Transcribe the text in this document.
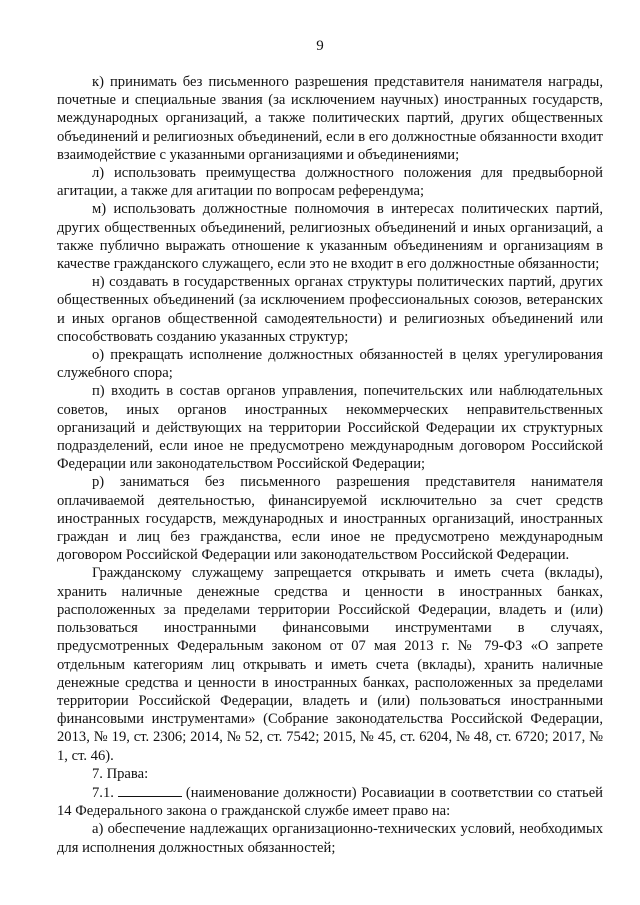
9

к) принимать без письменного разрешения представителя нанимателя награды, почетные и специальные звания (за исключением научных) иностранных государств, международных организаций, а также политических партий, других общественных объединений и религиозных объединений, если в его должностные обязанности входит взаимодействие с указанными организациями и объединениями;

л) использовать преимущества должностного положения для предвыборной агитации, а также для агитации по вопросам референдума;

м) использовать должностные полномочия в интересах политических партий, других общественных объединений, религиозных объединений и иных организаций, а также публично выражать отношение к указанным объединениям и организациям в качестве гражданского служащего, если это не входит в его должностные обязанности;

н) создавать в государственных органах структуры политических партий, других общественных объединений (за исключением профессиональных союзов, ветеранских и иных органов общественной самодеятельности) и религиозных объединений или способствовать созданию указанных структур;

о) прекращать исполнение должностных обязанностей в целях урегулирования служебного спора;

п) входить в состав органов управления, попечительских или наблюдательных советов, иных органов иностранных некоммерческих неправительственных организаций и действующих на территории Российской Федерации их структурных подразделений, если иное не предусмотрено международным договором Российской Федерации или законодательством Российской Федерации;

р) заниматься без письменного разрешения представителя нанимателя оплачиваемой деятельностью, финансируемой исключительно за счет средств иностранных государств, международных и иностранных организаций, иностранных граждан и лиц без гражданства, если иное не предусмотрено международным договором Российской Федерации или законодательством Российской Федерации.

Гражданскому служащему запрещается открывать и иметь счета (вклады), хранить наличные денежные средства и ценности в иностранных банках, расположенных за пределами территории Российской Федерации, владеть и (или) пользоваться иностранными финансовыми инструментами в случаях, предусмотренных Федеральным законом от 07 мая 2013 г. № 79-ФЗ «О запрете отдельным категориям лиц открывать и иметь счета (вклады), хранить наличные денежные средства и ценности в иностранных банках, расположенных за пределами территории Российской Федерации, владеть и (или) пользоваться иностранными финансовыми инструментами» (Собрание законодательства Российской Федерации, 2013, № 19, ст. 2306; 2014, № 52, ст. 7542; 2015, № 45, ст. 6204, № 48, ст. 6720; 2017, № 1, ст. 46).

7. Права:

7.1.	(наименование должности) Росавиации в соответствии со статьей 14 Федерального закона о гражданской службе имеет право на:

а) обеспечение надлежащих организационно-технических условий, необходимых для исполнения должностных обязанностей;
